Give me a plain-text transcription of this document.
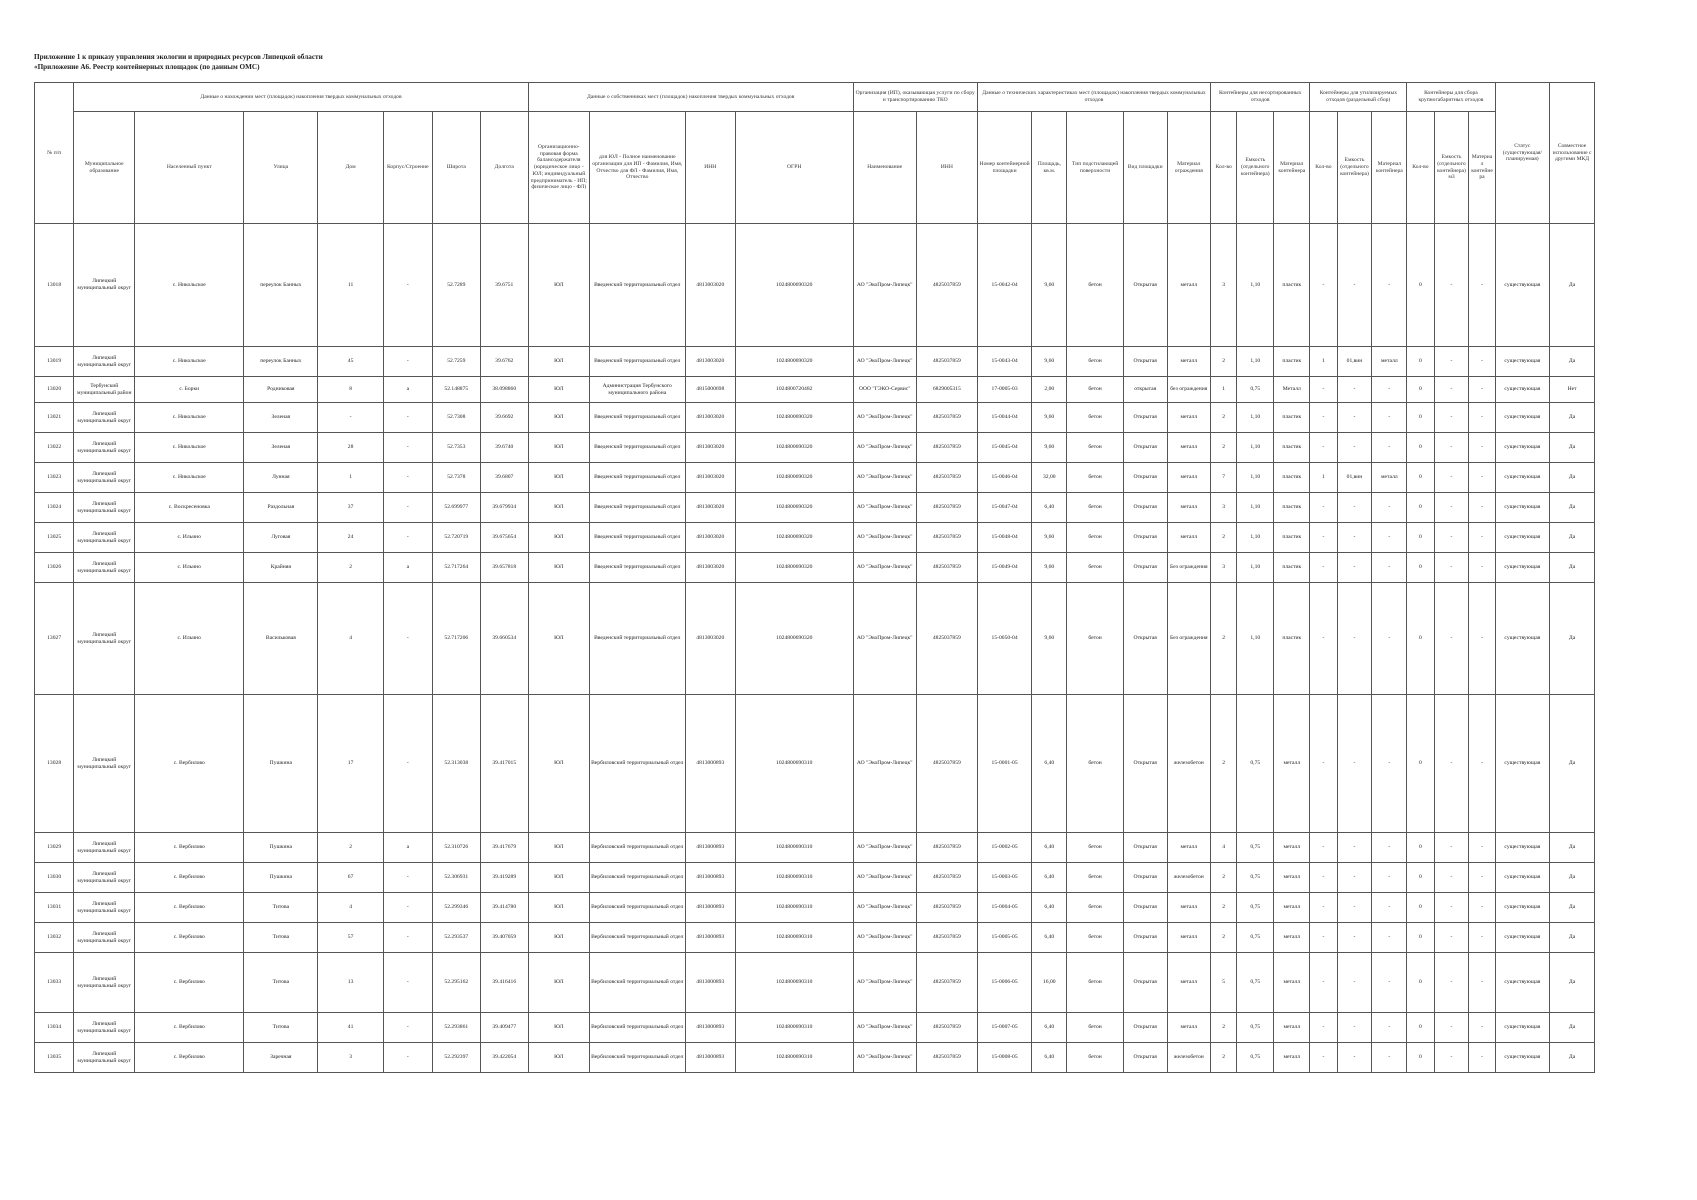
Приложение 1 к приказу управления экологии и природных ресурсов Липецкой области
«Приложение А6. Реестр контейнерных площадок (по данным ОМС)
№ п/п	Данные о нахождении мест (площадок) накопления твердых коммунальных отходов							Данные о собственниках мест (площадок) накопления твердых коммунальных отходов				Организация (ИП), оказывающая услуги по сбору и транспортированию ТКО		Данные о технических характеристиках мест (площадок) накопления твердых коммунальных отходов					Контейнеры для несортированных отходов			Контейнеры для утилизируемых отходов (раздельный сбор)			Контейнеры для сбора крупногабаритных отходов			Статус (существующая/ планируемая)	Совместное использование с другими МКД
	Муниципальное образование	Населенный пункт	Улица	Дом	Корпус/Строение	Широта	Долгота	Организационно-правовая форма балансодержателя (юридическое лицо - ЮЛ; индивидуальный предприниматель - ИП; физическое лицо - ФЛ)	для ЮЛ - Полное наименование организации для ИП - Фамилия, Имя, Отчество для ФЛ - Фамилия, Имя, Отчество	ИНН	ОГРН	Наименование	ИНН	Номер контейнерной площадки	Площадь, кв.м.	Тип подстилающей поверхности	Вид площадки	Материал ограждения	Кол-во	Емкость (отдельного контейнера)	Материал контейнера	Кол-во	Емкость (отдельного контейнера)	Материал контейнера	Кол-во	Емкость (отдельного контейнера) м3	Материал контейнера		
13018	Липецкий муниципальный округ	с. Никольское	переулок Банных	11	-	52.7289	39.6751	ЮЛ	Введенский территориальный отдел	4813003020	1024800690320	АО "ЭкоПром-Липецк"	4825037859	15-0042-04	9,60	бетон	Открытая	металл	3	1,10	пластик	-	-	-	0	-	-	существующая	Да
13019	Липецкий муниципальный округ	с. Никольское	переулок Банных	45	-	52.7259	39.6762	ЮЛ	Введенский территориальный отдел	4813003020	1024800690320	АО "ЭкоПром-Липецк"	4825037859	15-0043-04	9,60	бетон	Открытая	металл	2	1,10	пластик	1	01,вин	металл	0	-	-	существующая	Да
13020	Тербунский муниципальный район	с. Борки	Родниковая	8	а	52.148875	38.098860	ЮЛ	Администрация Тербунского муниципального района	4815000698	1024800720482	ООО "ГЭКО-Сервис"	6829005315	17-0005-03	2,00	бетон	открытая	без ограждения	1	0,75	Металл	-	-	-	0	-	-	существующая	Нет
13021	Липецкий муниципальный округ	с. Никольское	Зеленая	-	-	52.7308	39.6692	ЮЛ	Введенский территориальный отдел	4813003020	1024800690320	АО "ЭкоПром-Липецк"	4825037859	15-0044-04	9,60	бетон	Открытая	металл	2	1,10	пластик	-	-	-	0	-	-	существующая	Да
13022	Липецкий муниципальный округ	с. Никольское	Зеленая	28	-	52.7353	39.6740	ЮЛ	Введенский территориальный отдел	4813003020	1024800690320	АО "ЭкоПром-Липецк"	4825037859	15-0045-04	9,60	бетон	Открытая	металл	2	1,10	пластик	-	-	-	0	-	-	существующая	Да
13023	Липецкий муниципальный округ	с. Никольское	Лунная	1	-	52.7378	39.6807	ЮЛ	Введенский территориальный отдел	4813003020	1024800690320	АО "ЭкоПром-Липецк"	4825037859	15-0046-04	32,00	бетон	Открытая	металл	7	1,10	пластик	1	01,вин	металл	0	-	-	существующая	Да
13024	Липецкий муниципальный округ	с. Воскресеновка	Раздольная	37	-	52.699977	39.679934	ЮЛ	Введенский территориальный отдел	4813003020	1024800690320	АО "ЭкоПром-Липецк"	4825037859	15-0047-04	6,40	бетон	Открытая	металл	3	1,10	пластик	-	-	-	0	-	-	существующая	Да
13025	Липецкий муниципальный округ	с. Ильино	Луговая	24	-	52.720719	39.675654	ЮЛ	Введенский территориальный отдел	4813003020	1024800690320	АО "ЭкоПром-Липецк"	4825037859	15-0048-04	9,60	бетон	Открытая	металл	2	1,10	пластик	-	-	-	0	-	-	существующая	Да
13026	Липецкий муниципальный округ	с. Ильино	Крайняя	2	а	52.717264	39.657818	ЮЛ	Введенский территориальный отдел	4813003020	1024800690320	АО "ЭкоПром-Липецк"	4825037859	15-0049-04	9,60	бетон	Открытая	Без ограждения	3	1,10	пластик	-	-	-	0	-	-	существующая	Да
13027	Липецкий муниципальный округ	с. Ильино	Васильковая	4	-	52.717206	39.660534	ЮЛ	Введенский территориальный отдел	4813003020	1024800690320	АО "ЭкоПром-Липецк"	4825037859	15-0050-04	9,60	бетон	Открытая	Без ограждения	2	1,10	пластик	-	-	-	0	-	-	существующая	Да
13028	Липецкий муниципальный округ	с. Вербилово	Пушкина	17	-	52.313038	39.417015	ЮЛ	Вербиловский территориальный отдел	4813000893	1024800690310	АО "ЭкоПром-Липецк"	4825037859	15-0001-05	6,40	бетон	Открытая	железобетон	2	0,75	металл	-	-	-	0	-	-	существующая	Да
13029	Липецкий муниципальный округ	с. Вербилово	Пушкина	2	а	52.310726	39.417679	ЮЛ	Вербиловский территориальный отдел	4813000893	1024800690310	АО "ЭкоПром-Липецк"	4825037859	15-0002-05	6,40	бетон	Открытая	металл	4	0,75	металл	-	-	-	0	-	-	существующая	Да
13030	Липецкий муниципальный округ	с. Вербилово	Пушкина	67	-	52.306931	39.419289	ЮЛ	Вербиловский территориальный отдел	4813000893	1024800690310	АО "ЭкоПром-Липецк"	4825037859	15-0003-05	6,40	бетон	Открытая	железобетон	2	0,75	металл	-	-	-	0	-	-	существующая	Да
13031	Липецкий муниципальный округ	с. Вербилово	Титова	4	-	52.299346	39.414780	ЮЛ	Вербиловский территориальный отдел	4813000893	1024800690310	АО "ЭкоПром-Липецк"	4825037859	15-0004-05	6,40	бетон	Открытая	металл	2	0,75	металл	-	-	-	0	-	-	существующая	Да
13032	Липецкий муниципальный округ	с. Вербилово	Титова	57	-	52.293537	39.407059	ЮЛ	Вербиловский территориальный отдел	4813000893	1024800690310	АО "ЭкоПром-Липецк"	4825037859	15-0005-05	6,40	бетон	Открытая	металл	2	0,75	металл	-	-	-	0	-	-	существующая	Да
13033	Липецкий муниципальный округ	с. Вербилово	Титова	13	-	52.295162	39.416416	ЮЛ	Вербиловский территориальный отдел	4813000893	1024800690310	АО "ЭкоПром-Липецк"	4825037859	15-0006-05	16,00	бетон	Открытая	металл	5	0,75	металл	-	-	-	0	-	-	существующая	Да
13034	Липецкий муниципальный округ	с. Вербилово	Титова	41	-	52.293861	39.409477	ЮЛ	Вербиловский территориальный отдел	4813000893	1024800690310	АО "ЭкоПром-Липецк"	4825037859	15-0007-05	6,40	бетон	Открытая	металл	2	0,75	металл	-	-	-	0	-	-	существующая	Да
13035	Липецкий муниципальный округ	с. Вербилово	Заречная	3	-	52.292397	39.422054	ЮЛ	Вербиловский территориальный отдел	4813000893	1024800690310	АО "ЭкоПром-Липецк"	4825037859	15-0008-05	6,40	бетон	Открытая	железобетон	2	0,75	металл	-	-	-	0	-	-	существующая	Да
